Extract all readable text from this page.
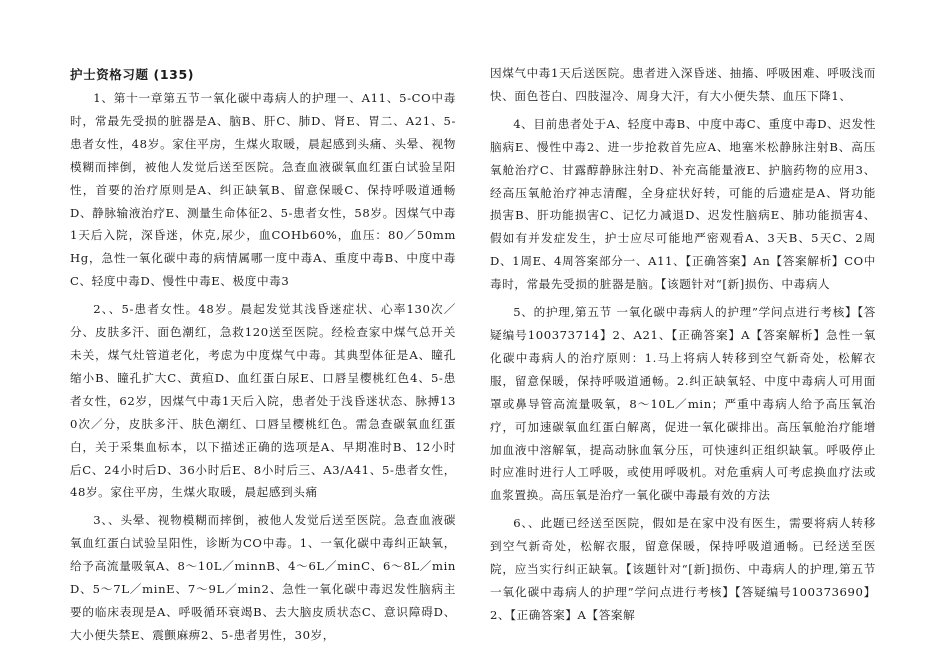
护士资格习题 (135)

1、第十一章第五节一氧化碳中毒病人的护理一、A11、5-CO中毒时，常最先受损的脏器是A、脑B、肝C、肺D、肾E、胃二、A21、5-患者女性，48岁。家住平房，生煤火取暖，晨起感到头痛、头晕、视物模糊而摔倒，被他人发觉后送至医院。急查血液碳氧血红蛋白试验呈阳性，首要的治疗原则是A、纠正缺氧B、留意保暖C、保持呼吸道通畅D、静脉输液治疗E、测量生命体征2、5-患者女性，58岁。因煤气中毒1天后入院，深昏迷，休克,尿少，血COHb60%，血压：80／50mmHg，急性一氧化碳中毒的病情属哪一度中毒A、重度中毒B、中度中毒C、轻度中毒D、慢性中毒E、极度中毒3

2、、5-患者女性。48岁。晨起发觉其浅昏迷症状、心率130次／分、皮肤多汗、面色潮红，急救120送至医院。经检查家中煤气总开关未关，煤气灶管道老化，考虑为中度煤气中毒。其典型体征是A、瞳孔缩小B、瞳孔扩大C、黄疸D、血红蛋白尿E、口唇呈樱桃红色4、5-患者女性，62岁，因煤气中毒1天后入院，患者处于浅昏迷状态、脉搏130次／分，皮肤多汗、肤色潮红、口唇呈樱桃红色。需急查碳氧血红蛋白，关于采集血标本，以下描述正确的选项是A、早期准时B、12小时后C、24小时后D、36小时后E、8小时后三、A3/A41、5-患者女性，48岁。家住平房，生煤火取暖，晨起感到头痛

3、、头晕、视物模糊而摔倒，被他人发觉后送至医院。急查血液碳氧血红蛋白试验呈阳性，诊断为CO中毒。1、一氧化碳中毒纠正缺氧，给予高流量吸氧A、8～10L／minnB、4～6L／minC、6～8L／minD、5～7L／minE、7～9L／min2、急性一氧化碳中毒迟发性脑病主要的临床表现是A、呼吸循环衰竭B、去大脑皮质状态C、意识障碍D、大小便失禁E、震颤麻痹2、5-患者男性，30岁，

因煤气中毒1天后送医院。患者进入深昏迷、抽搐、呼吸困难、呼吸浅而快、面色苍白、四肢湿冷、周身大汗，有大小便失禁、血压下降1、

4、目前患者处于A、轻度中毒B、中度中毒C、重度中毒D、迟发性脑病E、慢性中毒2、进一步抢救首先应A、地塞米松静脉注射B、高压氧舱治疗C、甘露醇静脉注射D、补充高能量液E、护脑药物的应用3、经高压氧舱治疗神志清醒，全身症状好转，可能的后遗症是A、肾功能损害B、肝功能损害C、记忆力减退D、迟发性脑病E、肺功能损害4、假如有并发症发生，护士应尽可能地严密观看A、3天B、5天C、2周D、1周E、4周答案部分一、A11、【正确答案】An【答案解析】CO中毒时，常最先受损的脏器是脑。【该题针对“[新]损伤、中毒病人

5、的护理,第五节 一氧化碳中毒病人的护理”学问点进行考核】【答疑编号100373714】2、A21、【正确答案】A【答案解析】急性一氧化碳中毒病人的治疗原则：1.马上将病人转移到空气新奇处，松解衣服，留意保暖，保持呼吸道通畅。2.纠正缺氧轻、中度中毒病人可用面罩或鼻导管高流量吸氧，8～10L／min；严重中毒病人给予高压氧治疗，可加速碳氧血红蛋白解离，促进一氧化碳排出。高压氧舱治疗能增加血液中溶解氧，提高动脉血氧分压，可快速纠正组织缺氧。呼吸停止时应准时进行人工呼吸，或使用呼吸机。对危重病人可考虑换血疗法或血浆置换。高压氧是治疗一氧化碳中毒最有效的方法

6、、此题已经送至医院，假如是在家中没有医生，需要将病人转移到空气新奇处，松解衣服，留意保暖，保持呼吸道通畅。已经送至医院，应当实行纠正缺氧。【该题针对“[新]损伤、中毒病人的护理,第五节 一氧化碳中毒病人的护理”学问点进行考核】【答疑编号100373690】2、【正确答案】A【答案解
